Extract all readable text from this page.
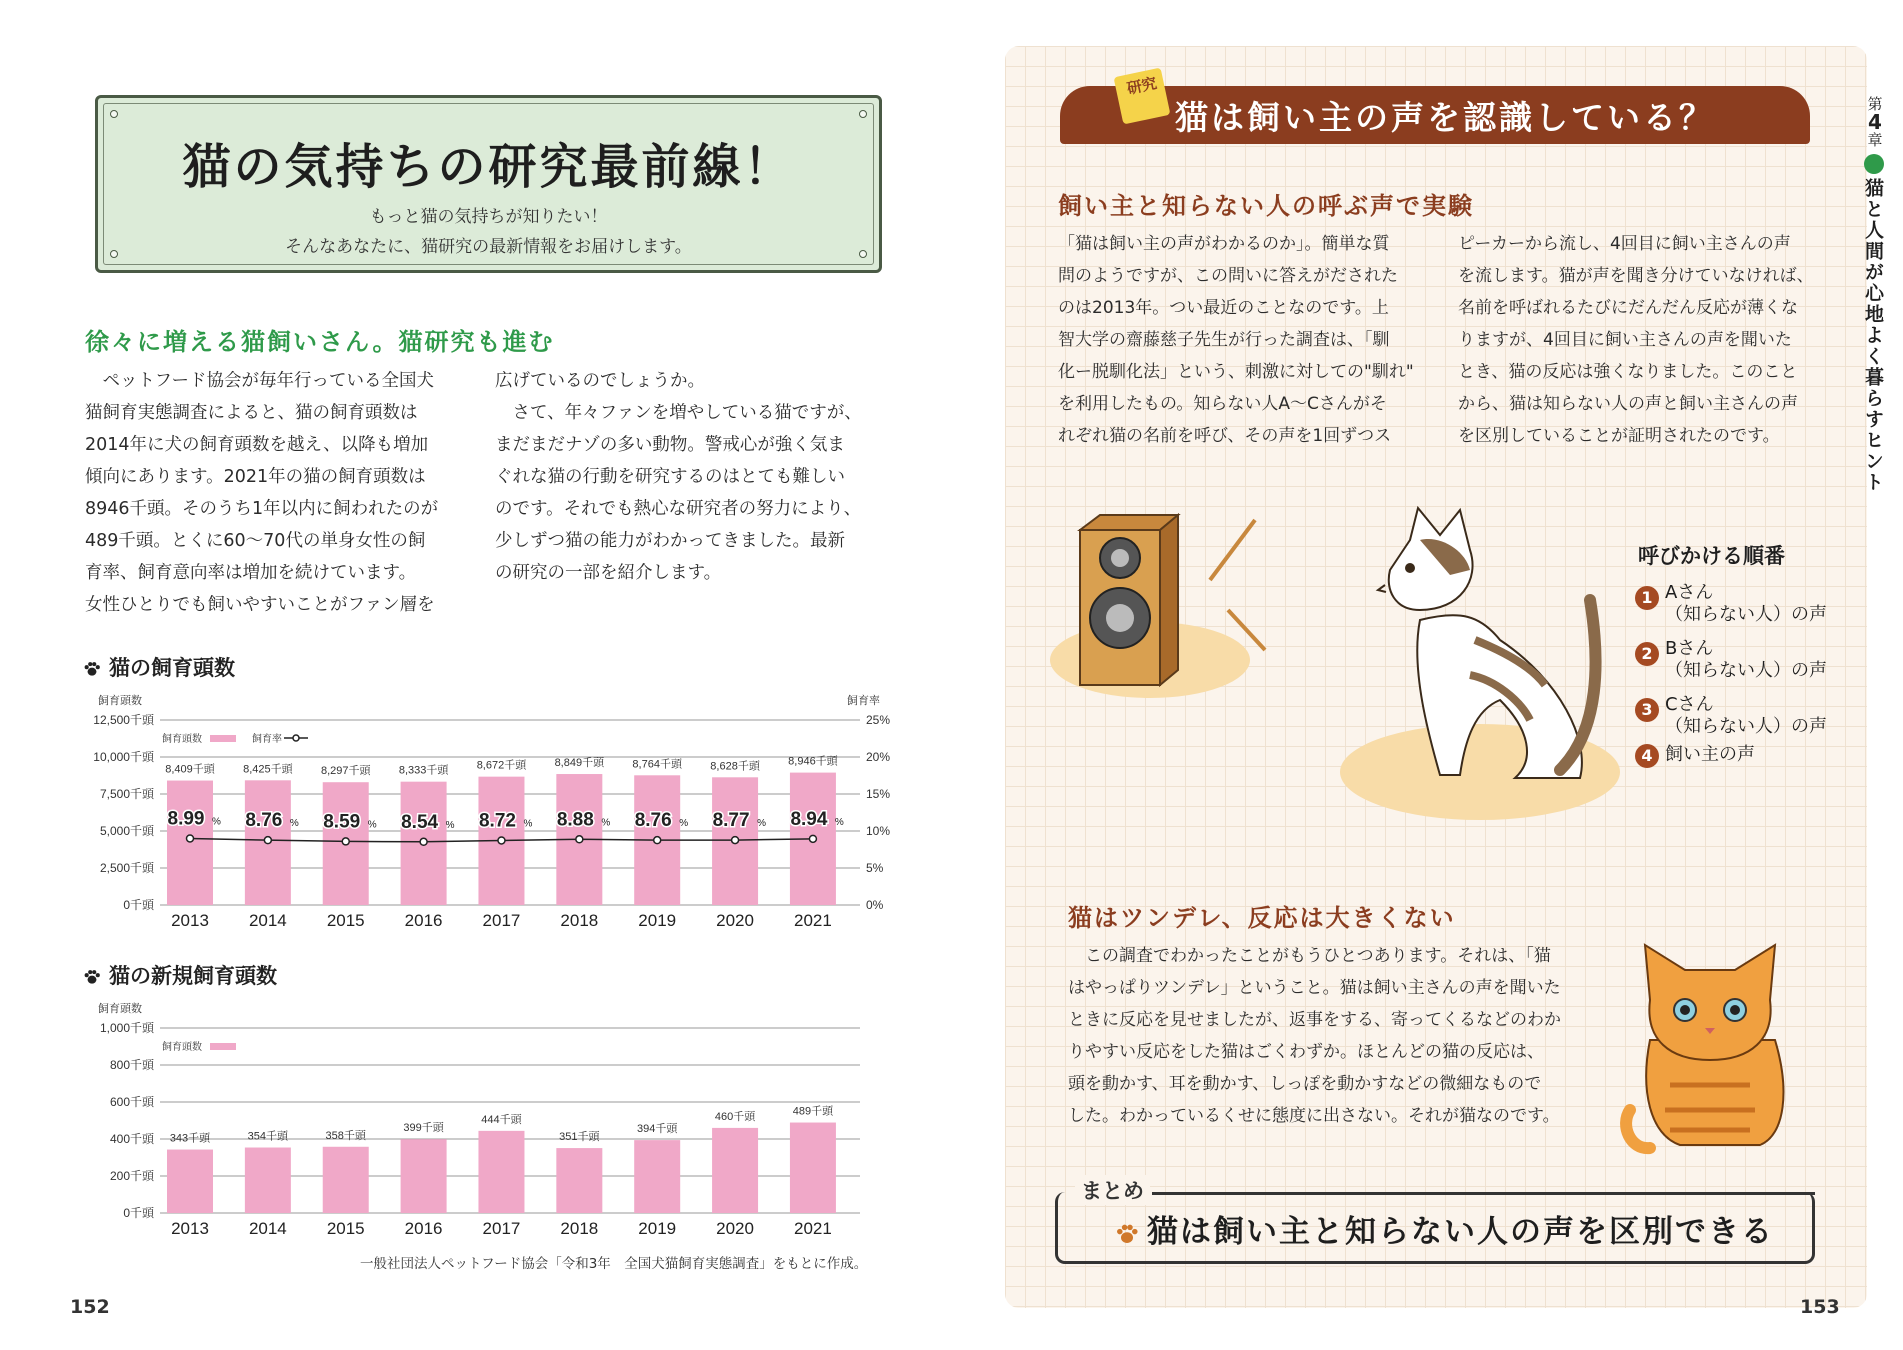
猫の気持ちの研究最前線！
もっと猫の気持ちが知りたい！
そんなあなたに、猫研究の最新情報をお届けします。
徐々に増える猫飼いさん。猫研究も進む
　ペットフード協会が毎年行っている全国犬
猫飼育実態調査によると、猫の飼育頭数は
2014年に犬の飼育頭数を越え、以降も増加
傾向にあります。2021年の猫の飼育頭数は
8946千頭。そのうち1年以内に飼われたのが
489千頭。とくに60〜70代の単身女性の飼
育率、飼育意向率は増加を続けています。
女性ひとりでも飼いやすいことがファン層を
広げているのでしょうか。
　さて、年々ファンを増やしている猫ですが、
まだまだナゾの多い動物。警戒心が強く気ま
ぐれな猫の行動を研究するのはとても難しい
のです。それでも熱心な研究者の努力により、
少しずつ猫の能力がわかってきました。最新
の研究の一部を紹介します。
猫の飼育頭数
飼育頭数	飼育率
0千頭
2,500千頭
5,000千頭
7,500千頭
10,000千頭
12,500千頭
0%
5%
10%
15%
20%
25%
飼育頭数	飼育率
8,409千頭
2013
8,425千頭
2014
8,297千頭
2015
8,333千頭
2016
8,672千頭
2017
8,849千頭
2018
8,764千頭
2019
8,628千頭
2020
8,946千頭
2021
8.99 % 8.76 % 8.59 % 8.54 % 8.72 % 8.88 % 8.76 % 8.77 % 8.94 %
猫の新規飼育頭数
飼育頭数
0千頭
200千頭
400千頭
600千頭
800千頭
1,000千頭
飼育頭数
343千頭
2013
354千頭
2014
358千頭
2015
399千頭
2016
444千頭
2017
351千頭
2018
394千頭
2019
460千頭
2020
489千頭
2021
一般社団法人ペットフード協会「令和3年　全国犬猫飼育実態調査」をもとに作成。
152
研究
猫は飼い主の声を認識している？	第
4
章
猫と人間が心地よく暮らすヒント
飼い主と知らない人の呼ぶ声で実験
「猫は飼い主の声がわかるのか」。簡単な質
問のようですが、この問いに答えがだされた
のは2013年。つい最近のことなのです。上
智大学の齋藤慈子先生が行った調査は、「馴
化ー脱馴化法」という、刺激に対しての"馴れ"
を利用したもの。知らない人A〜Cさんがそ
れぞれ猫の名前を呼び、その声を1回ずつス
ピーカーから流し、4回目に飼い主さんの声
を流します。猫が声を聞き分けていなければ、
名前を呼ばれるたびにだんだん反応が薄くな
りますが、4回目に飼い主さんの声を聞いた
とき、猫の反応は強くなりました。このこと
から、猫は知らない人の声と飼い主さんの声
を区別していることが証明されたのです。
呼びかける順番
1 Aさん
（知らない人）の声
2 Bさん
（知らない人）の声
3 Cさん
（知らない人）の声
4 飼い主の声
猫はツンデレ、反応は大きくない
　この調査でわかったことがもうひとつあります。それは、「猫
はやっぱりツンデレ」ということ。猫は飼い主さんの声を聞いた
ときに反応を見せましたが、返事をする、寄ってくるなどのわか
りやすい反応をした猫はごくわずか。ほとんどの猫の反応は、
頭を動かす、耳を動かす、しっぽを動かすなどの微細なもので
した。わかっているくせに態度に出さない。それが猫なのです。
まとめ
猫は飼い主と知らない人の声を区別できる
153
